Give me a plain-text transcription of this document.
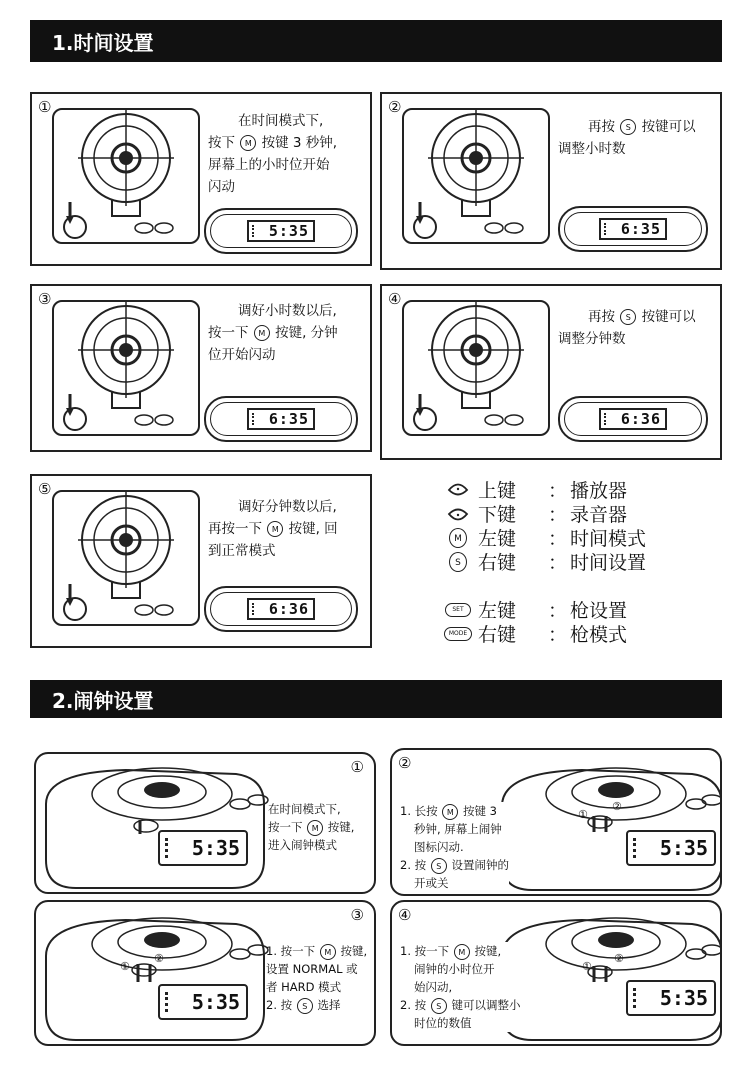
1.时间设置
①
在时间模式下,
按下 M 按键 3 秒钟,
屏幕上的小时位开始
闪动
5:35
②
再按 S 按键可以
调整小时数
6:35
③
调好小时数以后,
按一下 M 按键, 分钟
位开始闪动
6:35
④
再按 S 按键可以
调整分钟数
6:36
⑤
调好分钟数以后,
再按一下 M 按键, 回
到正常模式
6:36
上键	： 播放器
下键	： 录音器
M 左键	： 时间模式
S 右键	： 时间设置
SET 左键	： 枪设置
MODE 右键	： 枪模式
2.闹钟设置
①
5:35
在时间模式下,
按一下 M 按键,
进入闹钟模式
②
①
②
5:35
1. 长按 M 按键 3
秒钟, 屏幕上闹钟
图标闪动.
2. 按 S 设置闹钟的
开或关
③
①
②
5:35
1. 按一下 M 按键,
设置 NORMAL 或
者 HARD 模式
2. 按 S 选择
④
①
②
5:35
1. 按一下 M 按键,
闹钟的小时位开
始闪动,
2. 按 S 键可以调整小
时位的数值
